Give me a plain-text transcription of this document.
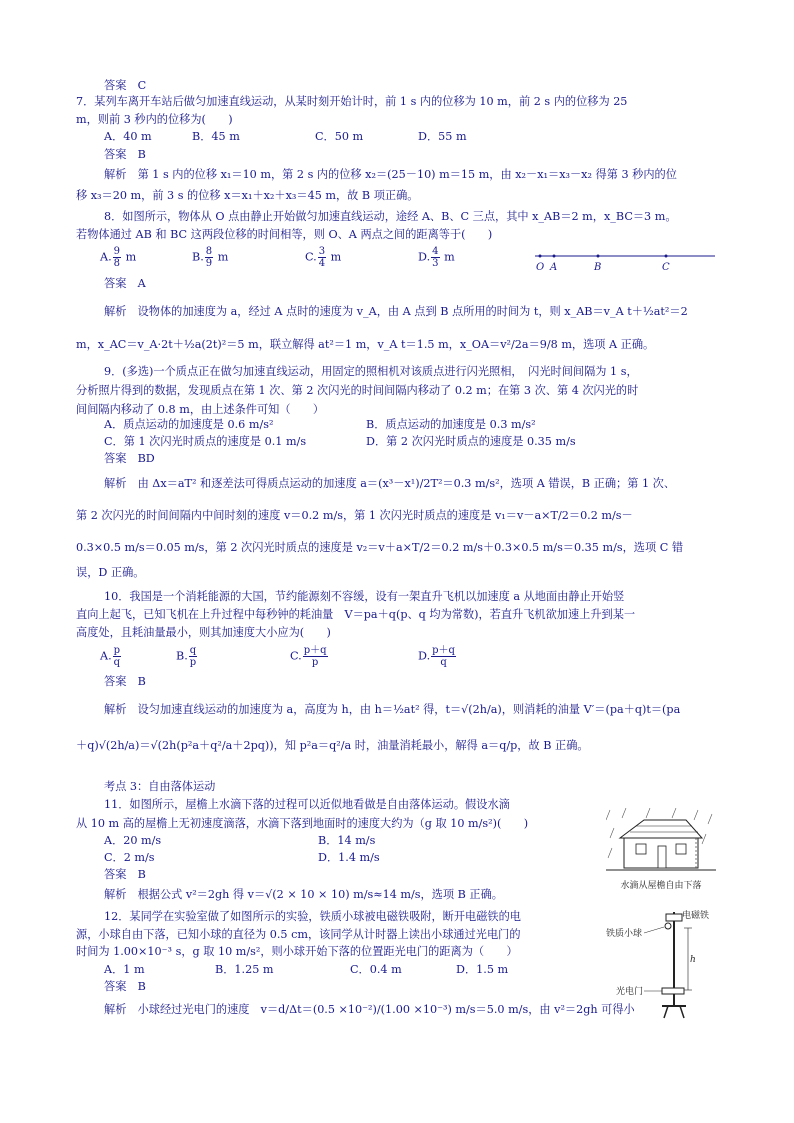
答案　C
7．某列车离开车站后做匀加速直线运动，从某时刻开始计时，前 1 s 内的位移为 10 m，前 2 s 内的位移为 25
m，则前 3 秒内的位移为(　　)
A．40 m	B．45 m	C．50 m	D．55 m
答案　B
解析　第 1 s 内的位移 x₁＝10 m，第 2 s 内的位移 x₂＝(25－10) m＝15 m，由 x₂－x₁＝x₃－x₂ 得第 3 秒内的位
移 x₃＝20 m，前 3 s 的位移 x＝x₁＋x₂＋x₃＝45 m，故 B 项正确。
8．如图所示，物体从 O 点由静止开始做匀加速直线运动，途经 A、B、C 三点，其中 x_AB＝2 m，x_BC＝3 m。
若物体通过 AB 和 BC 这两段位移的时间相等，则 O、A 两点之间的距离等于(　　)
A. $\frac{9}{8}$ m	B. $\frac{8}{9}$ m	C. $\frac{3}{4}$ m	D. $\frac{4}{3}$ m
O A	B	C
答案　A
解析　设物体的加速度为 a，经过 A 点时的速度为 v_A，由 A 点到 B 点所用的时间为 t，则 x_AB＝v_A t＋½at²＝2
m，x_AC＝v_A·2t＋½a(2t)²＝5 m，联立解得 at²＝1 m，v_A t＝1.5 m，x_OA＝v²/2a＝9/8 m，选项 A 正确。
9．(多选)一个质点正在做匀加速直线运动，用固定的照相机对该质点进行闪光照相，　闪光时间间隔为 1 s，
分析照片得到的数据，发现质点在第 1 次、第 2 次闪光的时间间隔内移动了 0.2 m；在第 3 次、第 4 次闪光的时
间间隔内移动了 0.8 m，由上述条件可知（　　）
A．质点运动的加速度是 0.6 m/s²	B．质点运动的加速度是 0.3 m/s²
C．第 1 次闪光时质点的速度是 0.1 m/s	D．第 2 次闪光时质点的速度是 0.35 m/s
答案　BD
解析　由 Δx＝aT² 和逐差法可得质点运动的加速度 a＝(x³－x¹)/2T²＝0.3 m/s²，选项 A 错误，B 正确；第 1 次、
第 2 次闪光的时间间隔内中间时刻的速度 v＝0.2 m/s，第 1 次闪光时质点的速度是 v₁＝v－a×T/2＝0.2 m/s－
0.3×0.5 m/s＝0.05 m/s，第 2 次闪光时质点的速度是 v₂＝v＋a×T/2＝0.2 m/s＋0.3×0.5 m/s＝0.35 m/s，选项 C 错
误，D 正确。
10．我国是一个消耗能源的大国，节约能源刻不容缓，设有一架直升飞机以加速度 a 从地面由静止开始竖
直向上起飞，已知飞机在上升过程中每秒钟的耗油量　V＝pa＋q(p、q 均为常数)，若直升飞机欲加速上升到某一
高度处，且耗油量最小，则其加速度大小应为(　　)
A. $\frac{p}{q}$	B. $\frac{q}{p}$	C. $\frac{p+q}{p}$	D. $\frac{p+q}{q}$
答案　B
解析　设匀加速直线运动的加速度为 a，高度为 h，由 h＝½at² 得，t＝√(2h/a)，则消耗的油量 V′＝(pa＋q)t＝(pa
＋q)√(2h/a)＝√(2h(p²a＋q²/a＋2pq))，知 p²a＝q²/a 时，油量消耗最小，解得 a＝q/p，故 B 正确。
考点 3：自由落体运动
11．如图所示，屋檐上水滴下落的过程可以近似地看做是自由落体运动。假设水滴
从 10 m 高的屋檐上无初速度滴落，水滴下落到地面时的速度大约为（g 取 10 m/s²)(　　)
A．20 m/s	B．14 m/s
C．2 m/s	D．1.4 m/s
答案　B
解析　根据公式 v²＝2gh 得 v＝√(2 × 10 × 10) m/s≈14 m/s，选项 B 正确。
水滴从屋檐自由下落
12．某同学在实验室做了如图所示的实验，铁质小球被电磁铁吸附，断开电磁铁的电
源，小球自由下落，已知小球的直径为 0.5 cm，该同学从计时器上读出小球通过光电门的
时间为 1.00×10⁻³ s，g 取 10 m/s²，则小球开始下落的位置距光电门的距离为（　　）
A．1 m	B．1.25 m	C．0.4 m	D．1.5 m
答案　B
解析　小球经过光电门的速度　v＝d/Δt＝(0.5 ×10⁻²)/(1.00 ×10⁻³) m/s＝5.0 m/s，由 v²＝2gh 可得小
h
电磁铁
铁质小球
光电门
